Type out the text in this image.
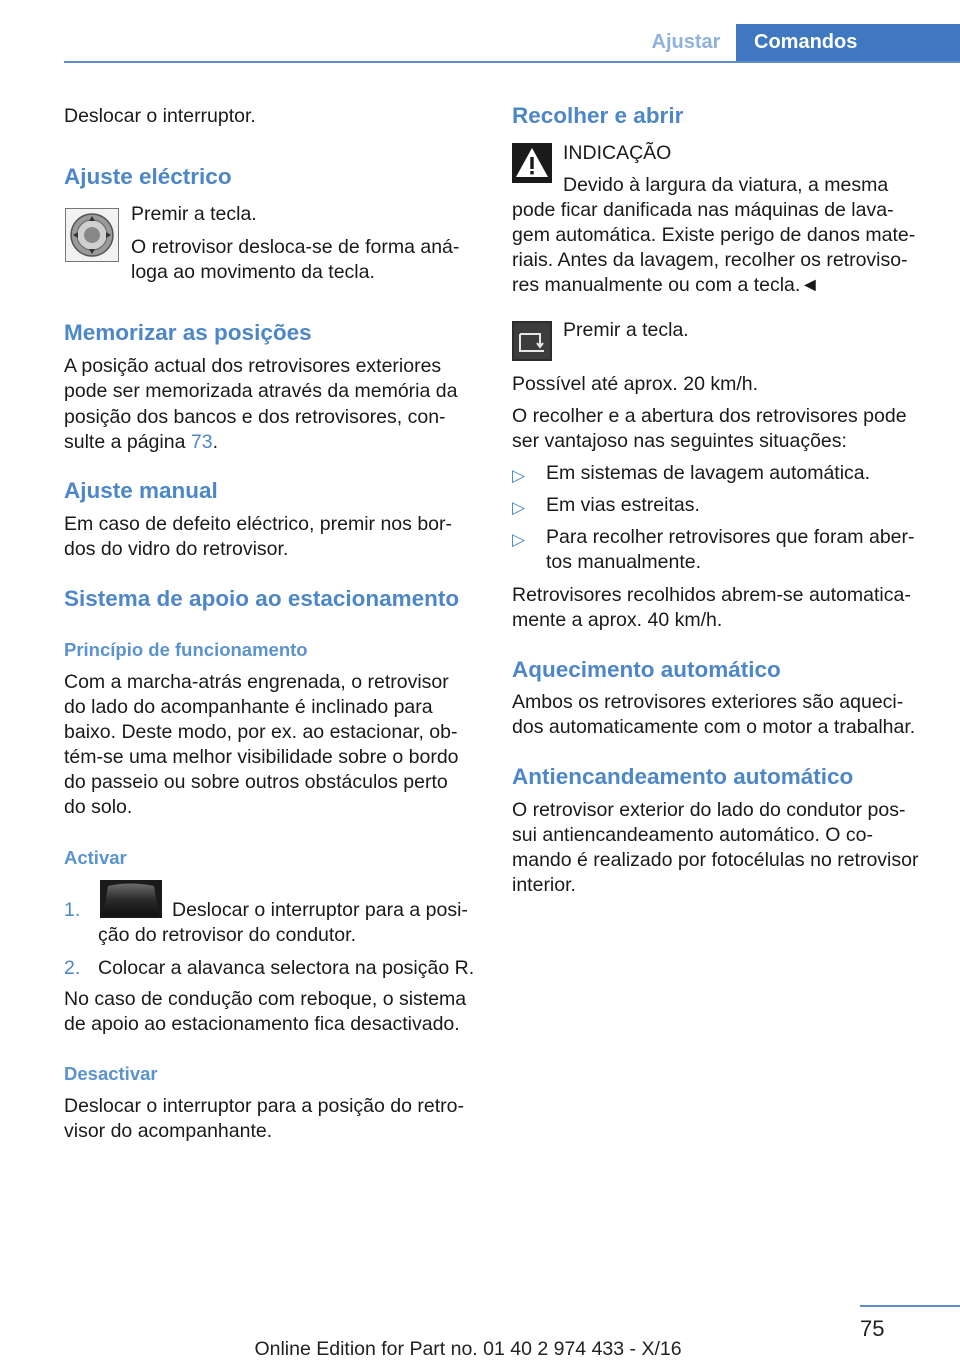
Ajustar	Comandos

Deslocar o interruptor.

Ajuste eléctrico

Premir a tecla.

O retrovisor desloca-se de forma aná-

loga ao movimento da tecla.

Memorizar as posições

A posição actual dos retrovisores exteriores

pode ser memorizada através da memória da

posição dos bancos e dos retrovisores, con-

sulte a página 73.

Ajuste manual

Em caso de defeito eléctrico, premir nos bor-

dos do vidro do retrovisor.

Sistema de apoio ao estacionamento
Princípio de funcionamento

Com a marcha-atrás engrenada, o retrovisor

do lado do acompanhante é inclinado para

baixo. Deste modo, por ex. ao estacionar, ob-

tém-se uma melhor visibilidade sobre o bordo

do passeio ou sobre outros obstáculos perto

do solo.

Activar

1.	Deslocar o interruptor para a posi-

ção do retrovisor do condutor.

2. Colocar a alavanca selectora na posição R.

No caso de condução com reboque, o sistema

de apoio ao estacionamento fica desactivado.

Desactivar

Deslocar o interruptor para a posição do retro-

visor do acompanhante.

Recolher e abrir

INDICAÇÃO

Devido à largura da viatura, a mesma

pode ficar danificada nas máquinas de lava-

gem automática. Existe perigo de danos mate-

riais. Antes da lavagem, recolher os retroviso-

res manualmente ou com a tecla.◄

Premir a tecla.

Possível até aprox. 20 km/h.

O recolher e a abertura dos retrovisores pode

ser vantajoso nas seguintes situações:

▷ Em sistemas de lavagem automática.

▷ Em vias estreitas.

▷ Para recolher retrovisores que foram aber-

tos manualmente.

Retrovisores recolhidos abrem-se automatica-

mente a aprox. 40 km/h.

Aquecimento automático

Ambos os retrovisores exteriores são aqueci-

dos automaticamente com o motor a trabalhar.

Antiencandeamento automático

O retrovisor exterior do lado do condutor pos-

sui antiencandeamento automático. O co-

mando é realizado por fotocélulas no retrovisor

interior.

75
Online Edition for Part no. 01 40 2 974 433 - X/16
